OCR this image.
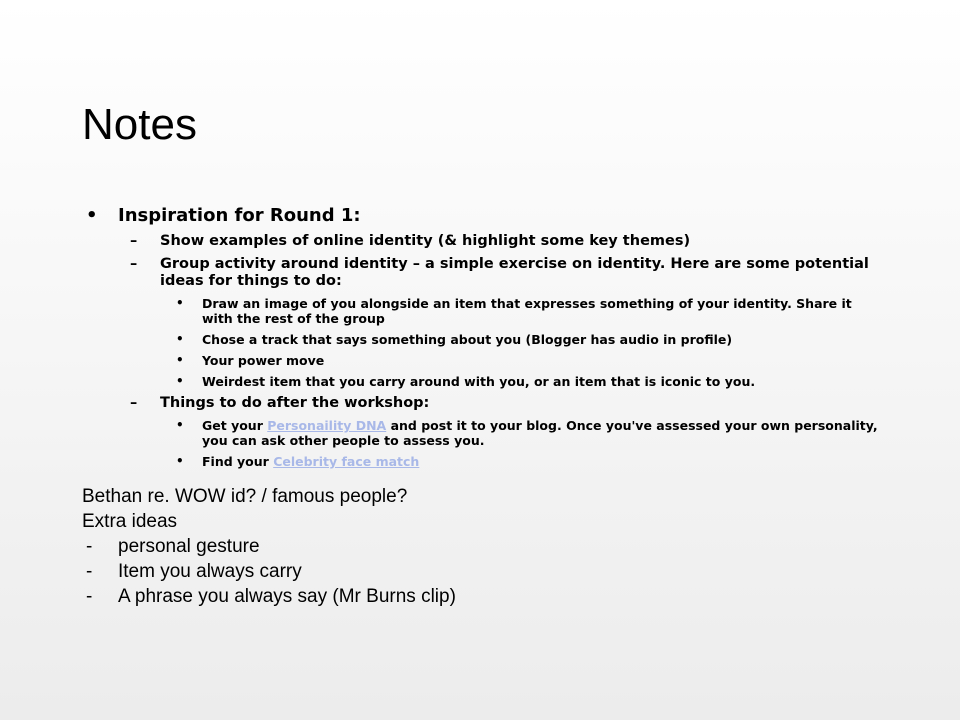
Notes
• Inspiration for Round 1:
– Show examples of online identity (& highlight some key themes)
– Group activity around identity – a simple exercise on identity. Here are some potential ideas for things to do:
• Draw an image of you alongside an item that expresses something of your identity. Share it with the rest of the group
• Chose a track that says something about you (Blogger has audio in profile)
• Your power move
• Weirdest item that you carry around with you, or an item that is iconic to you.
– Things to do after the workshop:
• Get your Personaility DNA and post it to your blog. Once you've assessed your own personality, you can ask other people to assess you.
• Find your Celebrity face match
Bethan re. WOW id? / famous people?
Extra ideas
- personal gesture
- Item you always carry
- A phrase you always say (Mr Burns clip)
